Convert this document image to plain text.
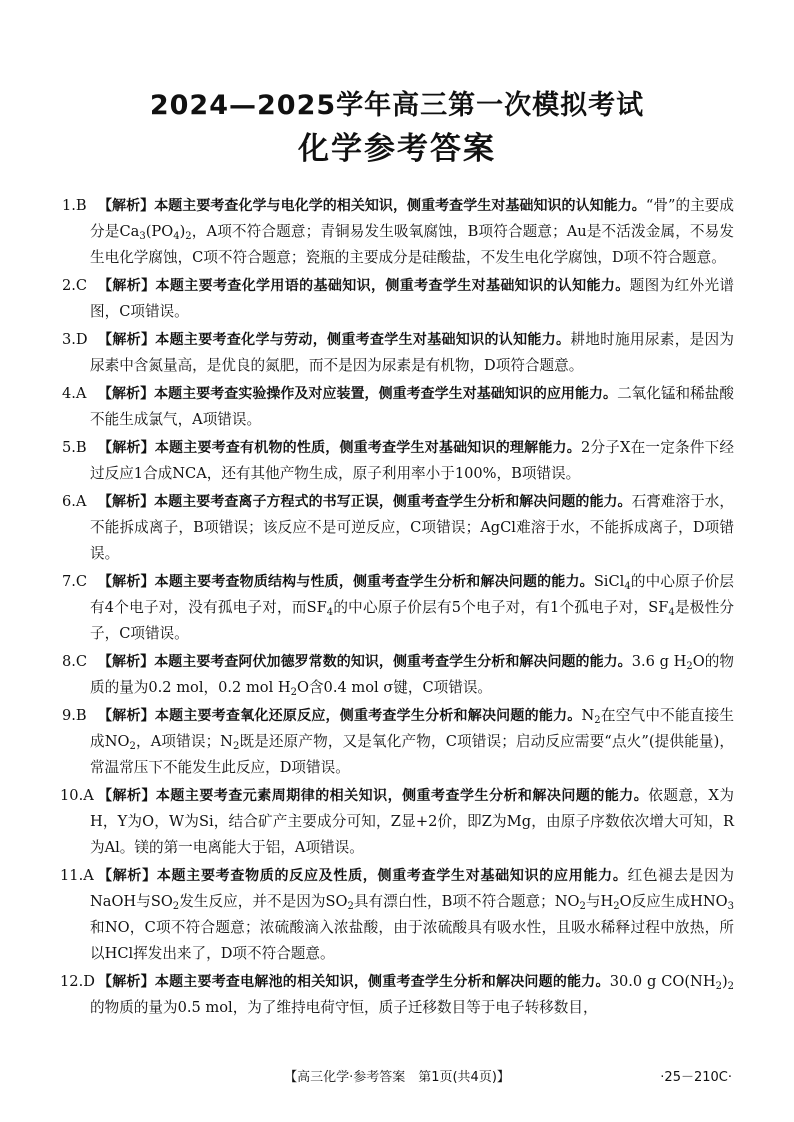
2024—2025学年高三第一次模拟考试
化学参考答案
1.B 【解析】本题主要考查化学与电化学的相关知识，侧重考查学生对基础知识的认知能力。“骨”的主要成分是$Ca_3(PO_4)_2$，A项不符合题意；青铜易发生吸氧腐蚀，B项符合题意；Au是不活泼金属，不易发生电化学腐蚀，C项不符合题意；瓷瓶的主要成分是硅酸盐，不发生电化学腐蚀，D项不符合题意。
2.C 【解析】本题主要考查化学用语的基础知识，侧重考查学生对基础知识的认知能力。题图为红外光谱图，C项错误。
3.D 【解析】本题主要考查化学与劳动，侧重考查学生对基础知识的认知能力。耕地时施用尿素，是因为尿素中含氮量高，是优良的氮肥，而不是因为尿素是有机物，D项符合题意。
4.A 【解析】本题主要考查实验操作及对应装置，侧重考查学生对基础知识的应用能力。二氧化锰和稀盐酸不能生成氯气，A项错误。
5.B 【解析】本题主要考查有机物的性质，侧重考查学生对基础知识的理解能力。2分子X在一定条件下经过反应1合成NCA，还有其他产物生成，原子利用率小于100%，B项错误。
6.A 【解析】本题主要考查离子方程式的书写正误，侧重考查学生分析和解决问题的能力。石膏难溶于水，不能拆成离子，B项错误；该反应不是可逆反应，C项错误；AgCl难溶于水，不能拆成离子，D项错误。
7.C 【解析】本题主要考查物质结构与性质，侧重考查学生分析和解决问题的能力。SiCl$_4$的中心原子价层有4个电子对，没有孤电子对，而$SF_4$的中心原子价层有5个电子对，有1个孤电子对，$SF_4$是极性分子，C项错误。
8.C 【解析】本题主要考查阿伏加德罗常数的知识，侧重考查学生分析和解决问题的能力。3.6 g $H_2O$的物质的量为0.2 mol，0.2 mol $H_2O$含0.4 mol σ键，C项错误。
9.B 【解析】本题主要考查氧化还原反应，侧重考查学生分析和解决问题的能力。$N_2$在空气中不能直接生成$NO_2$，A项错误；$N_2$既是还原产物，又是氧化产物，C项错误；启动反应需要“点火”(提供能量)，常温常压下不能发生此反应，D项错误。
10.A 【解析】本题主要考查元素周期律的相关知识，侧重考查学生分析和解决问题的能力。依题意，X为H，Y为O，W为Si，结合矿产主要成分可知，Z显+2价，即Z为Mg，由原子序数依次增大可知，R为Al。镁的第一电离能大于铝，A项错误。
11.A 【解析】本题主要考查物质的反应及性质，侧重考查学生对基础知识的应用能力。红色褪去是因为NaOH与$SO_2$发生反应，并不是因为$SO_2$具有漂白性，B项不符合题意；$NO_2$与$H_2O$反应生成$HNO_3$和NO，C项不符合题意；浓硫酸滴入浓盐酸，由于浓硫酸具有吸水性，且吸水稀释过程中放热，所以HCl挥发出来了，D项不符合题意。
12.D 【解析】本题主要考查电解池的相关知识，侧重考查学生分析和解决问题的能力。30.0 g $CO(NH_2)_2$的物质的量为0.5 mol，为了维持电荷守恒，质子迁移数目等于电子转移数目，
【高三化学·参考答案　第1页(共4页)】	·25－210C·
